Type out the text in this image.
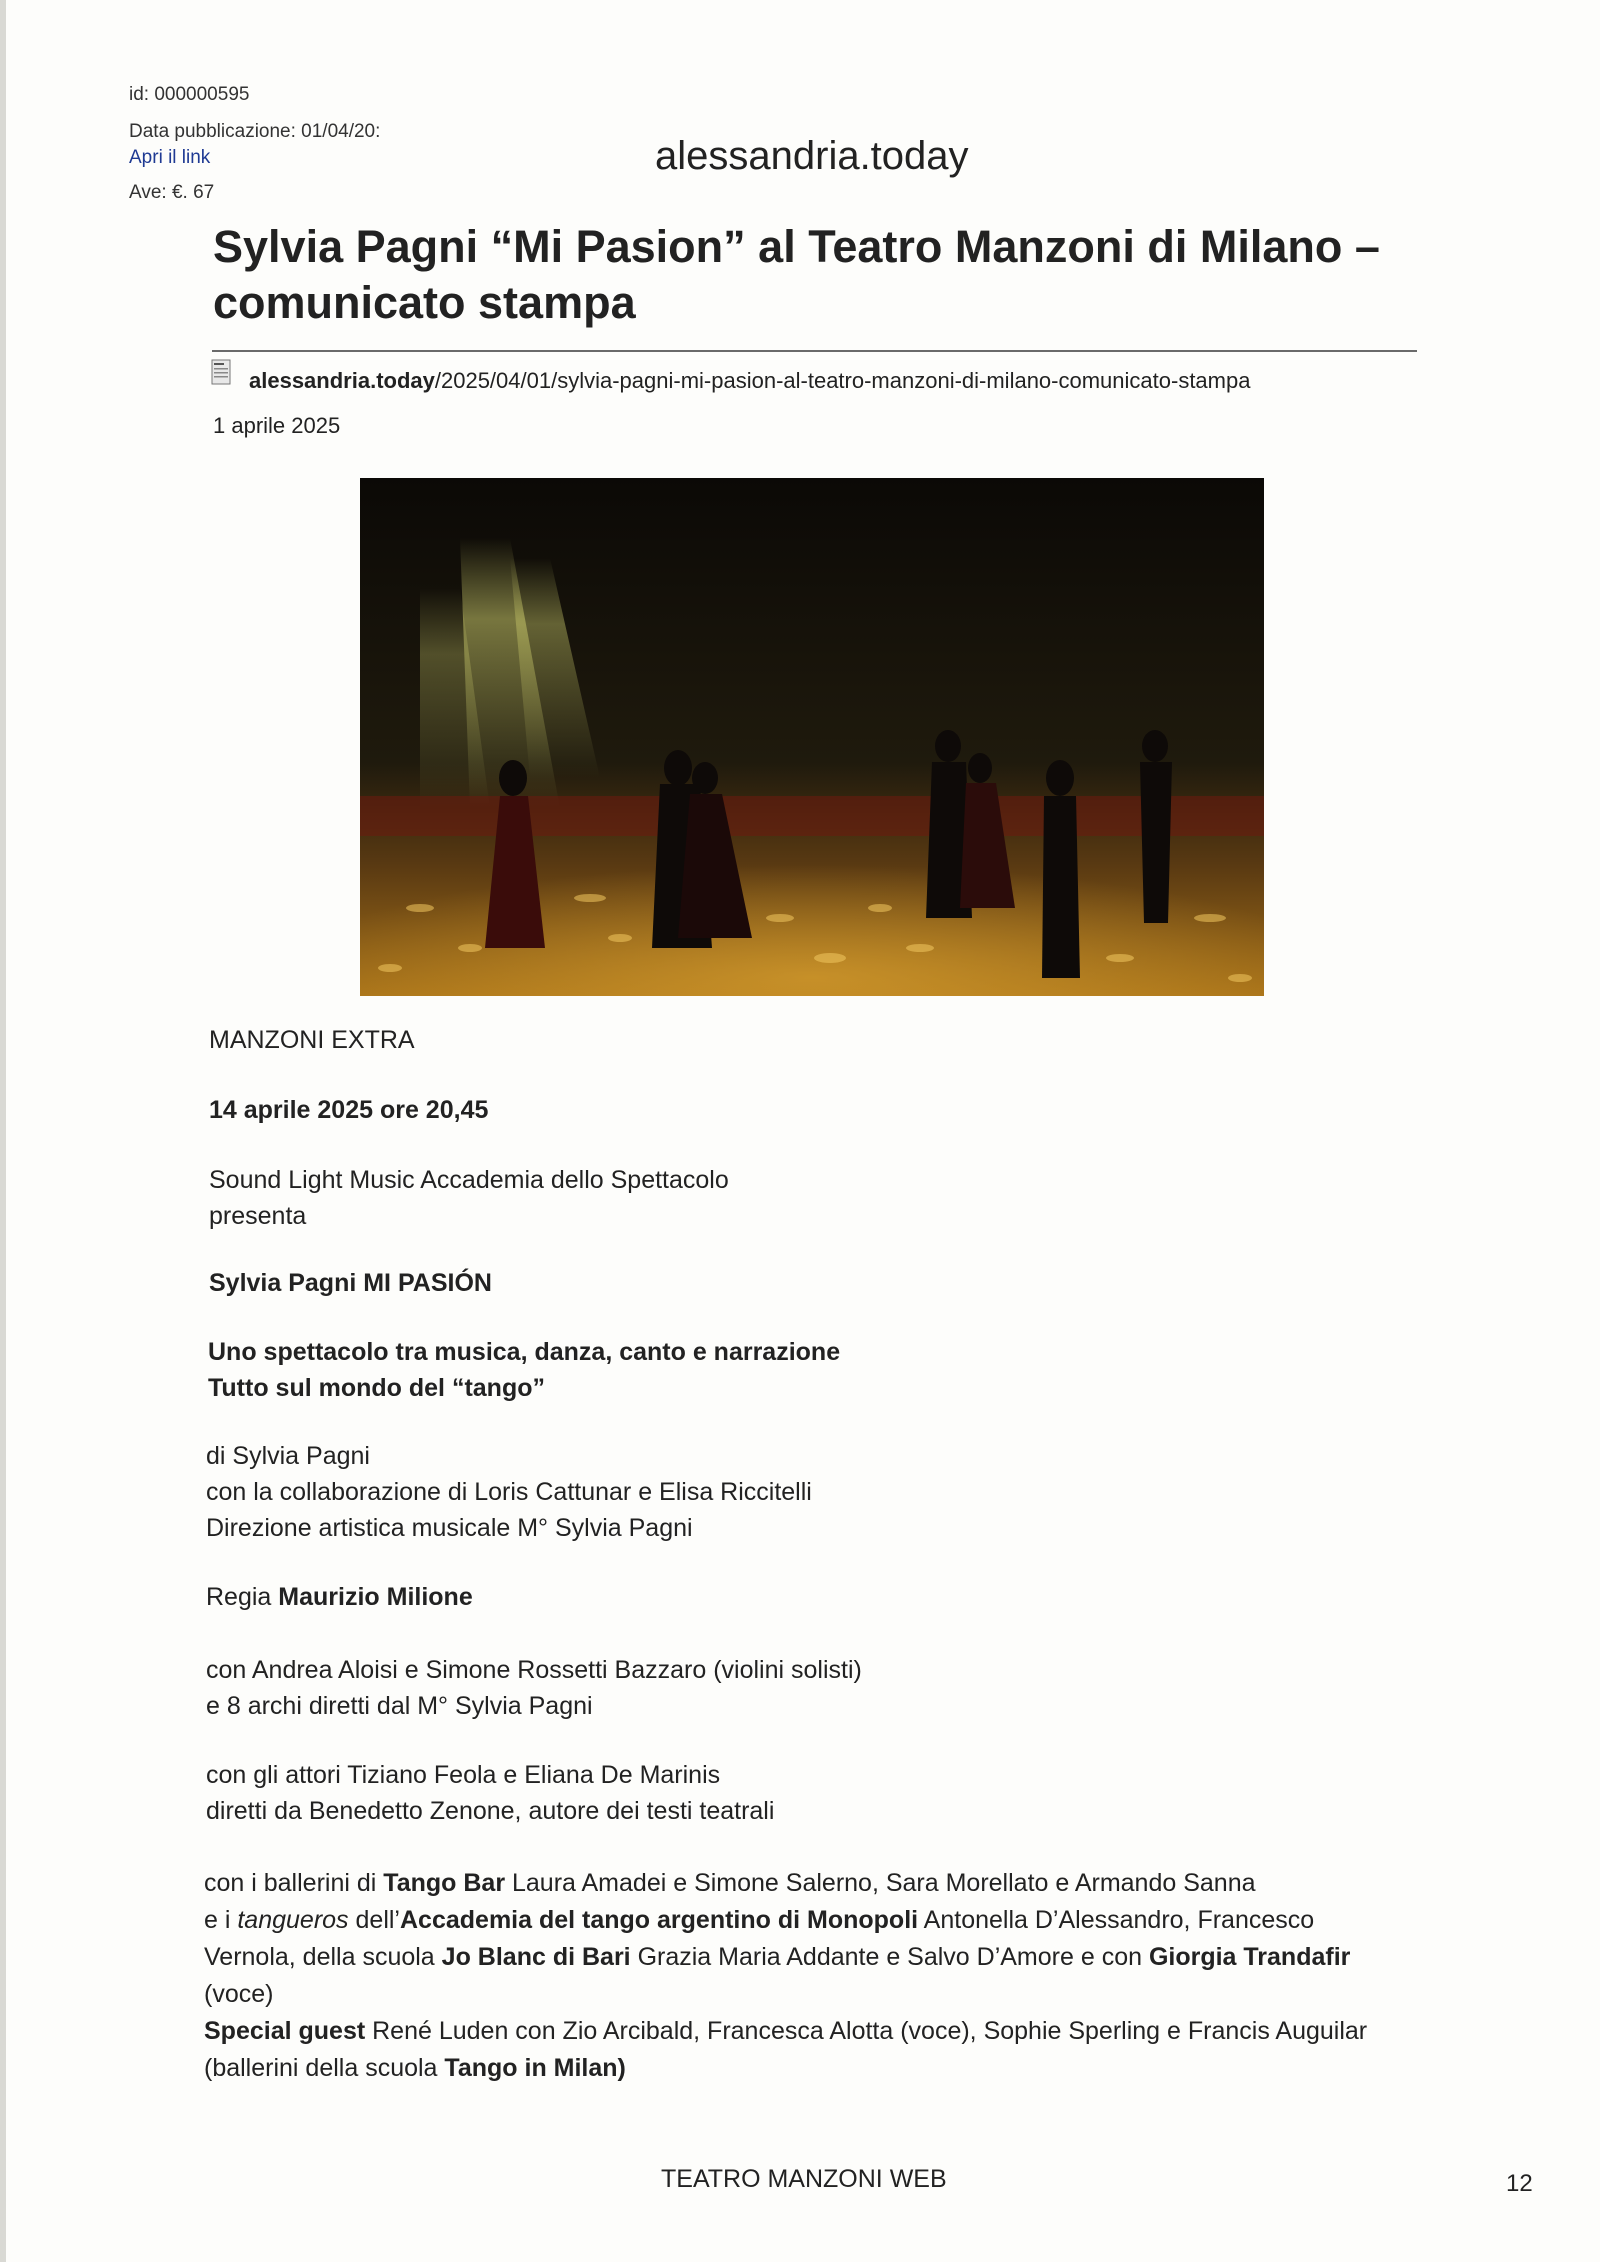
id: 000000595
Data pubblicazione: 01/04/20:
Apri il link
Ave: €. 67
alessandria.today
Sylvia Pagni “Mi Pasion” al Teatro Manzoni di Milano – comunicato stampa
alessandria.today/2025/04/01/sylvia-pagni-mi-pasion-al-teatro-manzoni-di-milano-comunicato-stampa
1 aprile 2025
MANZONI EXTRA
14 aprile 2025 ore 20,45
Sound Light Music Accademia dello Spettacolo
presenta
Sylvia Pagni MI PASIÓN
Uno spettacolo tra musica, danza, canto e narrazione
Tutto sul mondo del “tango”
di Sylvia Pagni
con la collaborazione di Loris Cattunar e Elisa Riccitelli
Direzione artistica musicale M° Sylvia Pagni
Regia Maurizio Milione
con Andrea Aloisi e Simone Rossetti Bazzaro (violini solisti)
e 8 archi diretti dal M° Sylvia Pagni
con gli attori Tiziano Feola e Eliana De Marinis
diretti da Benedetto Zenone, autore dei testi teatrali
con i ballerini di Tango Bar Laura Amadei e Simone Salerno, Sara Morellato e Armando Sanna
e i tangueros dell’Accademia del tango argentino di Monopoli Antonella D’Alessandro, Francesco Vernola, della scuola Jo Blanc di Bari Grazia Maria Addante e Salvo D’Amore e con Giorgia Trandafir (voce)
Special guest René Luden con Zio Arcibald, Francesca Alotta (voce), Sophie Sperling e Francis Auguilar (ballerini della scuola Tango in Milan)
TEATRO MANZONI WEB	12
